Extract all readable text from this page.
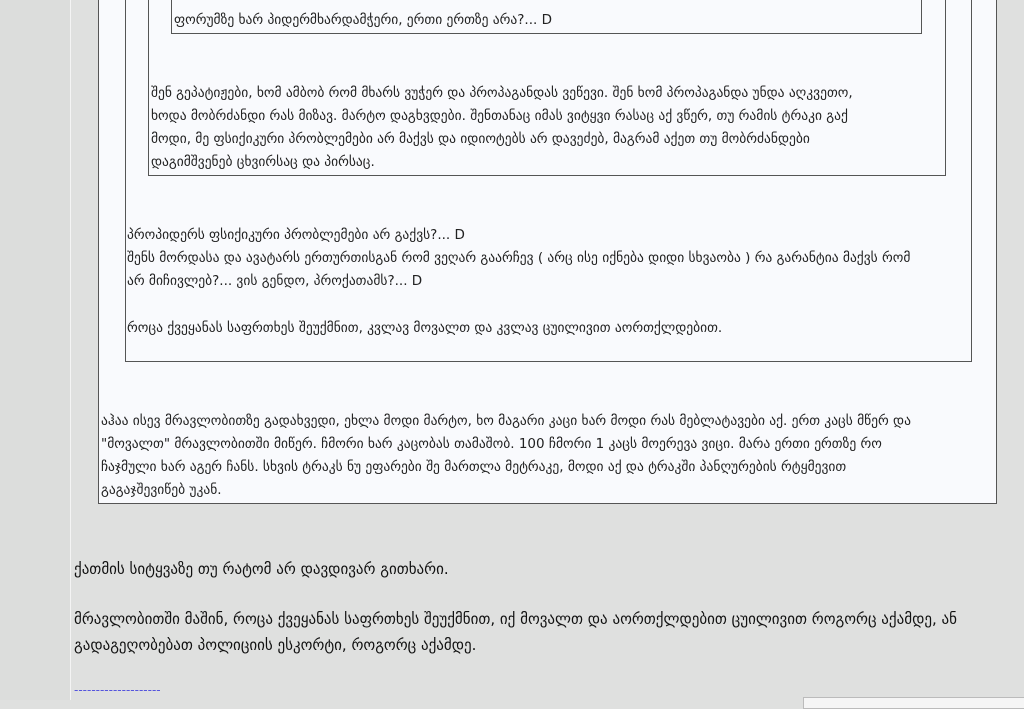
ფორუმზე ხარ პიდერმხარდამჭერი, ერთი ერთზე არა?... D

შენ გეპატიჟები, ხომ ამბობ რომ მხარს ვუჭერ და პროპაგანდას ვეწევი. შენ ხომ პროპაგანდა უნდა აღკვეთო,

ხოდა მობრძანდი რას მიზავ. მარტო დაგხვდები. შენთანაც იმას ვიტყვი რასაც აქ ვწერ, თუ რამის ტრაკი გაქ

მოდი, მე ფსიქიკური პრობლემები არ მაქვს და იდიოტებს არ დავეძებ, მაგრამ აქეთ თუ მობრძანდები

დაგიმშვენებ ცხვირსაც და პირსაც.

პროპიდერს ფსიქიკური პრობლემები არ გაქვს?... D

შენს მორდასა და ავატარს ერთურთისგან რომ ვეღარ გაარჩევ ( არც ისე იქნება დიდი სხვაობა ) რა გარანტია მაქვს რომ

არ მიჩივლებ?... ვის გენდო, პროქათამს?... D

როცა ქვეყანას საფრთხეს შეუქმნით, კვლავ მოვალთ და კვლავ ცუილივით აორთქლდებით.

აჰაა ისევ მრავლობითზე გადახვედი, ეხლა მოდი მარტო, ხო მაგარი კაცი ხარ მოდი რას მებლატავები აქ. ერთ კაცს მწერ და

"მოვალთ" მრავლობითში მიწერ. ჩმორი ხარ კაცობას თამაშობ. 100 ჩმორი 1 კაცს მოერევა ვიცი. მარა ერთი ერთზე რო

ჩაჯმული ხარ აგერ ჩანს. სხვის ტრაკს ნუ ეფარები შე მართლა მეტრაკე, მოდი აქ და ტრაკში პანღურების რტყმევით

გაგაჯშევიწებ უკან.

ქათმის სიტყვაზე თუ რატომ არ დავდივარ გითხარი.
მრავლობითში მაშინ, როცა ქვეყანას საფრთხეს შეუქმნით, იქ მოვალთ და აორთქლდებით ცუილივით როგორც აქამდე, ან
გადაგეღობებათ პოლიციის ესკორტი, როგორც აქამდე.
--------------------
